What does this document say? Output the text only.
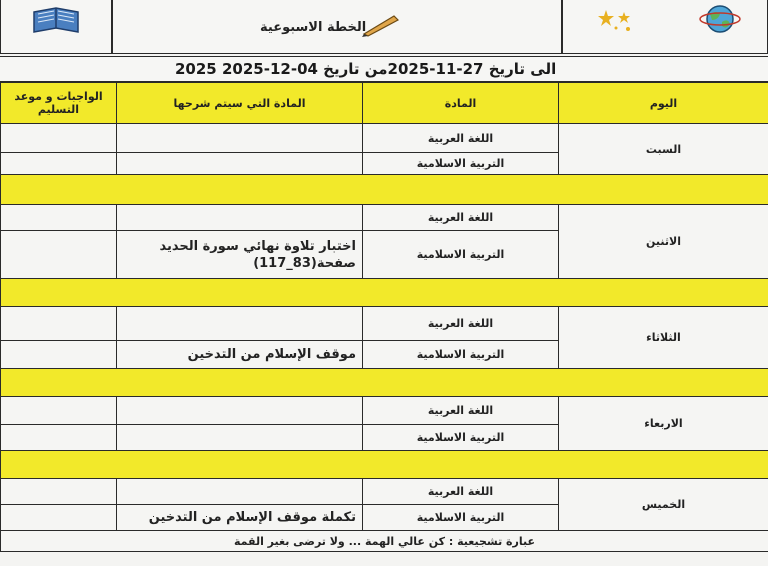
الخطة الاسبوعية
2025 الى تاريخ 27-11-2025من تاريخ 04-12-2025
الواجبات و موعد التسليم	المادة التي سيتم شرحها	المادة	اليوم
		اللغة العربية	السبت
		التربية الاسلامية	

		اللغة العربية	الاثنين
	اختبار تلاوة نهائي سورة الحديد صفحة(83_117)	التربية الاسلامية	

		اللغة العربية	الثلاثاء
	موقف الإسلام من التدخين	التربية الاسلامية	

		اللغة العربية	الاربعاء
		التربية الاسلامية	

		اللغة العربية	الخميس
	تكملة موقف الإسلام من التدخين	التربية الاسلامية	
عبارة تشجيعية : كن عالي الهمة ... ولا ترضى بغير القمة			
